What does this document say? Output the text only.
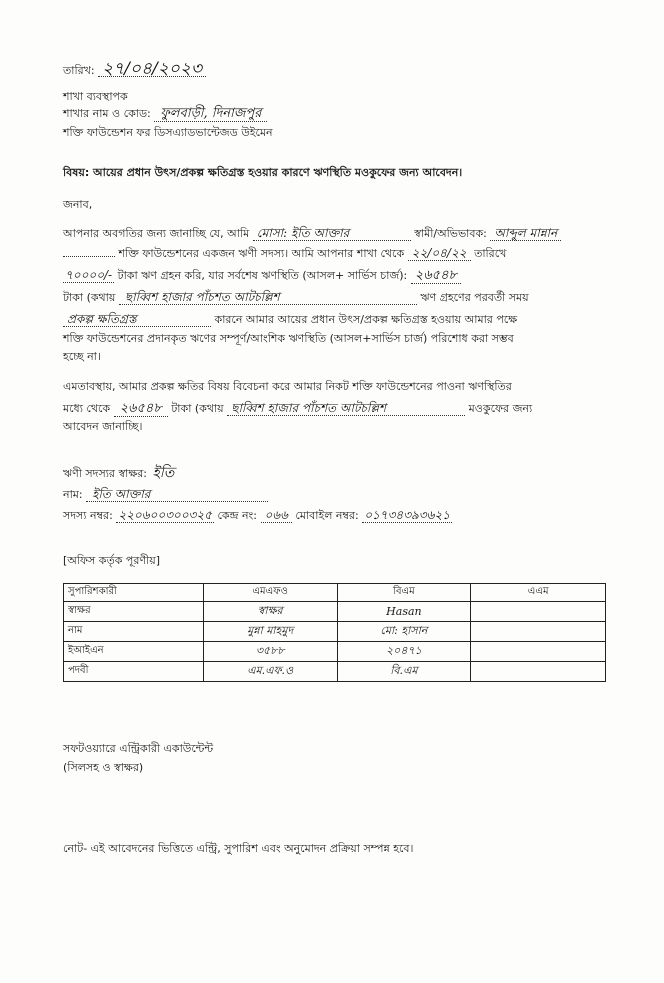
তারিখ: ২৭/০৪/২০২৩
শাখা ব্যবস্থাপক
শাখার নাম ও কোড: ফুলবাড়ী, দিনাজপুর
শক্তি ফাউন্ডেশন ফর ডিসএ্যাডভান্টেজড উইমেন
বিষয়: আয়ের প্রধান উৎস/প্রকল্প ক্ষতিগ্রস্ত হওয়ার কারণে ঋণস্থিতি মওকুফের জন্য আবেদন।
জনাব,
আপনার অবগতির জন্য জানাচ্ছি যে, আমি মোসা: ইতি আক্তার	স্বামী/অভিভাবক: আব্দুল মান্নান
শক্তি ফাউন্ডেশনের একজন ঋণী সদস্য। আমি আপনার শাখা থেকে ২২/০৪/২২ তারিখে
৭০০০০/- টাকা ঋণ গ্রহন করি, যার সর্বশেষ ঋণস্থিতি (আসল+ সার্ভিস চার্জ): ২৬৫৪৮
টাকা (কথায় ছাব্বিশ হাজার পাঁচশত আটচল্লিশ	ঋণ গ্রহণের পরবর্তী সময়
প্রকল্প ক্ষতিগ্রস্ত	কারনে আমার আয়ের প্রধান উৎস/প্রকল্প ক্ষতিগ্রস্ত হওয়ায় আমার পক্ষে
শক্তি ফাউন্ডেশনের প্রদানকৃত ঋণের সম্পূর্ণ/আংশিক ঋণস্থিতি (আসল+সার্ভিস চার্জ) পরিশোধ করা সম্ভব
হচ্ছে না।
এমতাবস্থায়, আমার প্রকল্প ক্ষতির বিষয় বিবেচনা করে আমার নিকট শক্তি ফাউন্ডেশনের পাওনা ঋণস্থিতির
মধ্যে থেকে ২৬৫৪৮ টাকা (কথায় ছাব্বিশ হাজার পাঁচশত আটচল্লিশ	মওকুফের জন্য
আবেদন জানাচ্ছি।
ঋণী সদস্যর স্বাক্ষর: ইতি
নাম: ইতি আক্তার
সদস্য নম্বর: ২২০৬০০৩০০৩২৫ কেন্দ্র নং: ০৬৬ মোবাইল নম্বর: ০১৭৩৪৩৯৩৬২১
[অফিস কর্তৃক পূরণীয়]
সুপারিশকারী	এমএফও	বিএম	এএম
স্বাক্ষর	স্বাক্ষর	Hasan	
নাম	মুন্না মাহমুদ	মো: হাসান	
ইআইএন	৩৫৮৮	২০৪৭১	
পদবী	এম.এফ.ও	বি.এম	
সফটওয়্যারে এন্ট্রিকারী একাউন্টেন্ট
(সিলসহ ও স্বাক্ষর)
নোট- এই আবেদনের ভিত্তিতে এন্ট্রি, সুপারিশ এবং অনুমোদন প্রক্রিয়া সম্পন্ন হবে।
